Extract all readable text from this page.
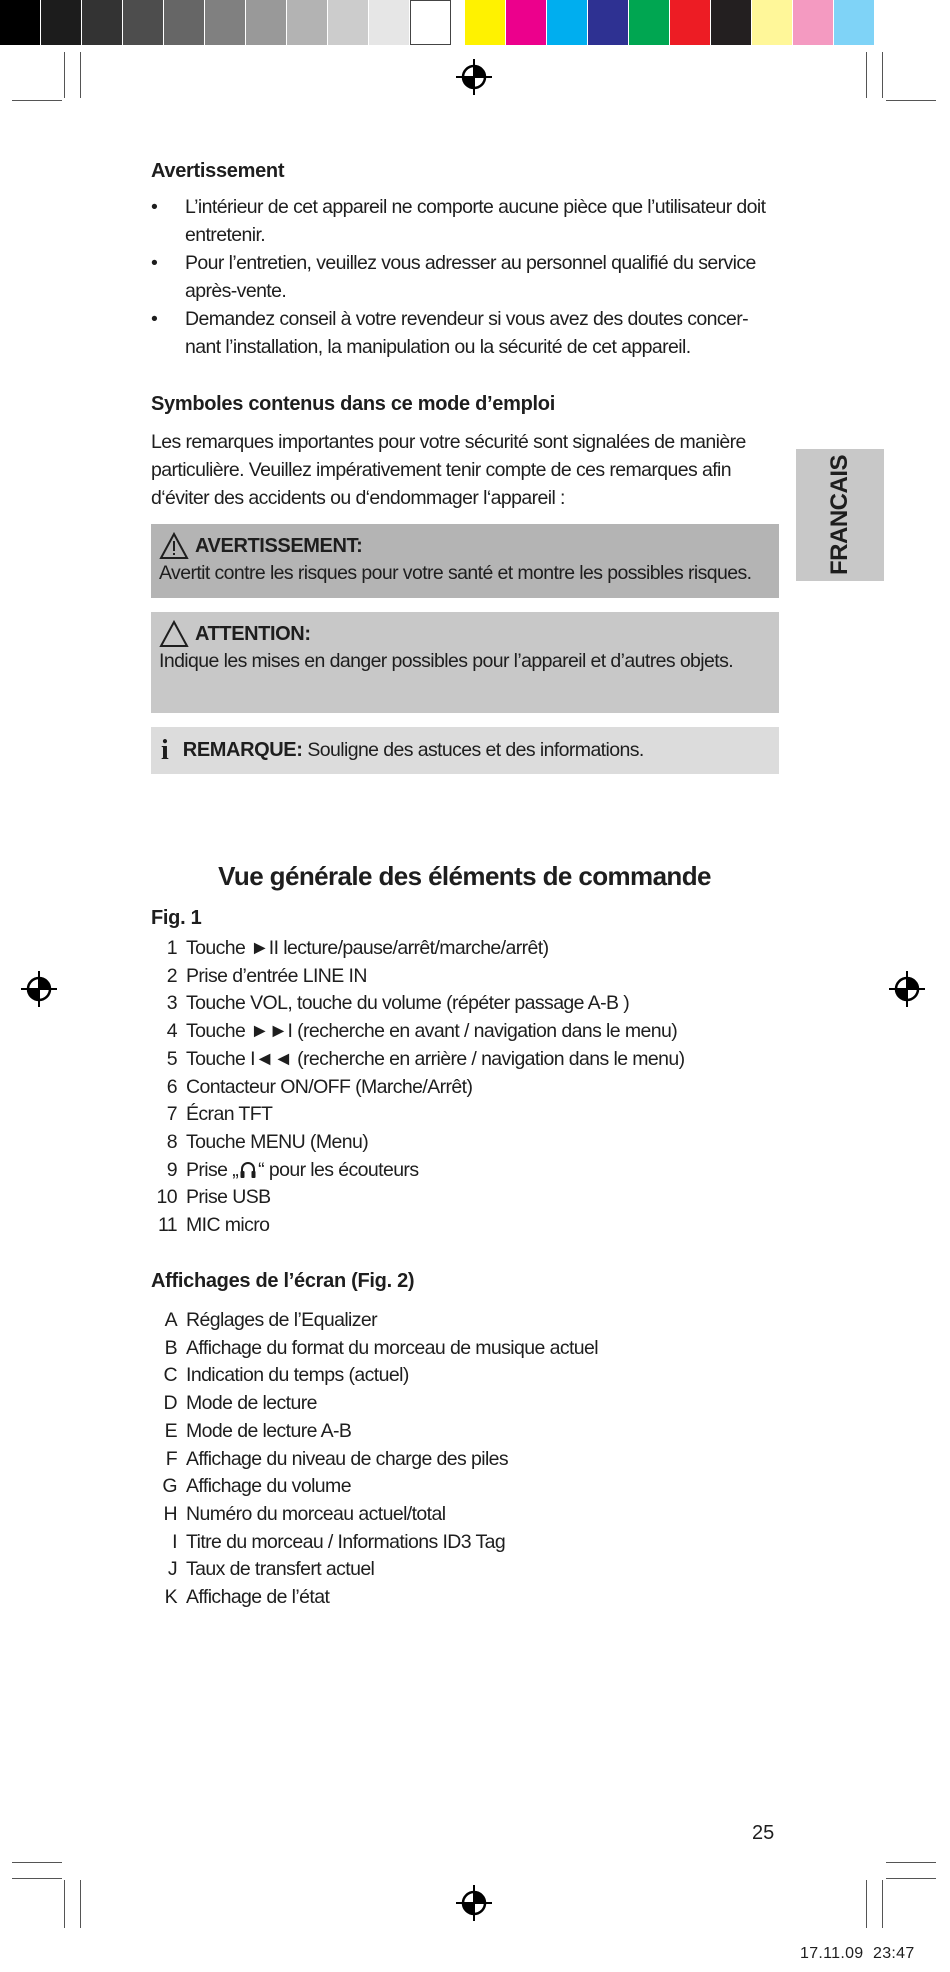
Avertissement
• L’intérieur de cet appareil ne comporte aucune pièce que l’utilisateur doit entretenir.
• Pour l’entretien, veuillez vous adresser au personnel qualifié du service après-vente.
• Demandez conseil à votre revendeur si vous avez des doutes concer-nant l’installation, la manipulation ou la sécurité de cet appareil.
Symboles contenus dans ce mode d’emploi
Les remarques importantes pour votre sécurité sont signalées de manière particulière. Veuillez impérativement tenir compte de ces remarques afin d‘éviter des accidents ou d‘endommager l‘appareil :
AVERTISSEMENT:
Avertit contre les risques pour votre santé et montre les possibles risques.
ATTENTION:
Indique les mises en danger possibles pour l’appareil et d’autres objets.
i REMARQUE: Souligne des astuces et des informations.
FRANCAIS
Vue générale des éléments de commande
Fig. 1
1 Touche ►II lecture/pause/arrêt/marche/arrêt)
2 Prise d’entrée LINE IN
3 Touche VOL, touche du volume (répéter passage A-B )
4 Touche ►►I (recherche en avant / navigation dans le menu)
5 Touche I◄◄ (recherche en arrière / navigation dans le menu)
6 Contacteur ON/OFF (Marche/Arrêt)
7 Écran TFT
8 Touche MENU (Menu)
9 Prise „ “ pour les écouteurs
10 Prise USB
11 MIC micro
Affichages de l’écran (Fig. 2)
A Réglages de l’Equalizer
B Affichage du format du morceau de musique actuel
C Indication du temps (actuel)
D Mode de lecture
E Mode de lecture A-B
F Affichage du niveau de charge des piles
G Affichage du volume
H Numéro du morceau actuel/total
I Titre du morceau / Informations ID3 Tag
J Taux de transfert actuel
K Affichage de l’état
25
17.11.09 23:47
